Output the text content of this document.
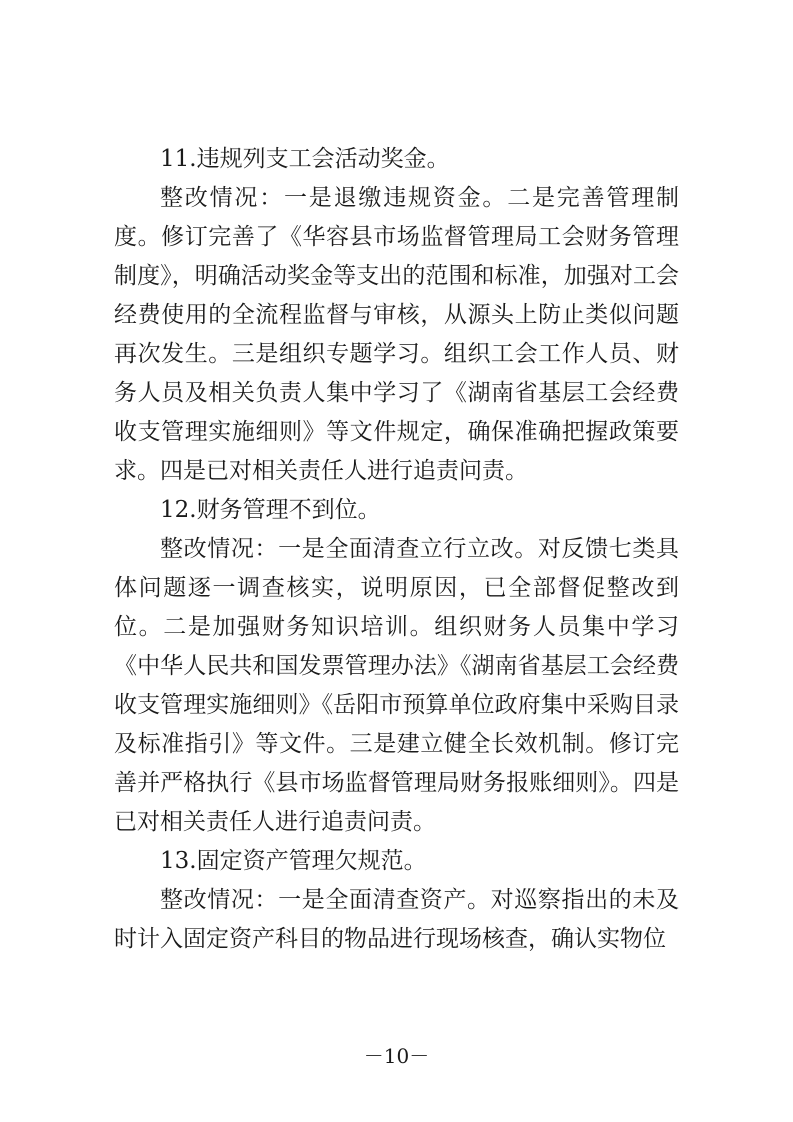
11.违规列支工会活动奖金。

整改情况：一是退缴违规资金。二是完善管理制度。修订完善了《华容县市场监督管理局工会财务管理制度》，明确活动奖金等支出的范围和标准，加强对工会经费使用的全流程监督与审核，从源头上防止类似问题再次发生。三是组织专题学习。组织工会工作人员、财务人员及相关负责人集中学习了《湖南省基层工会经费收支管理实施细则》等文件规定，确保准确把握政策要求。四是已对相关责任人进行追责问责。

12.财务管理不到位。

整改情况：一是全面清查立行立改。对反馈七类具体问题逐一调查核实，说明原因，已全部督促整改到位。二是加强财务知识培训。组织财务人员集中学习《中华人民共和国发票管理办法》《湖南省基层工会经费收支管理实施细则》《岳阳市预算单位政府集中采购目录及标准指引》等文件。三是建立健全长效机制。修订完善并严格执行《县市场监督管理局财务报账细则》。四是已对相关责任人进行追责问责。

13.固定资产管理欠规范。

整改情况：一是全面清查资产。对巡察指出的未及时计入固定资产科目的物品进行现场核查，确认实物位

－10－
